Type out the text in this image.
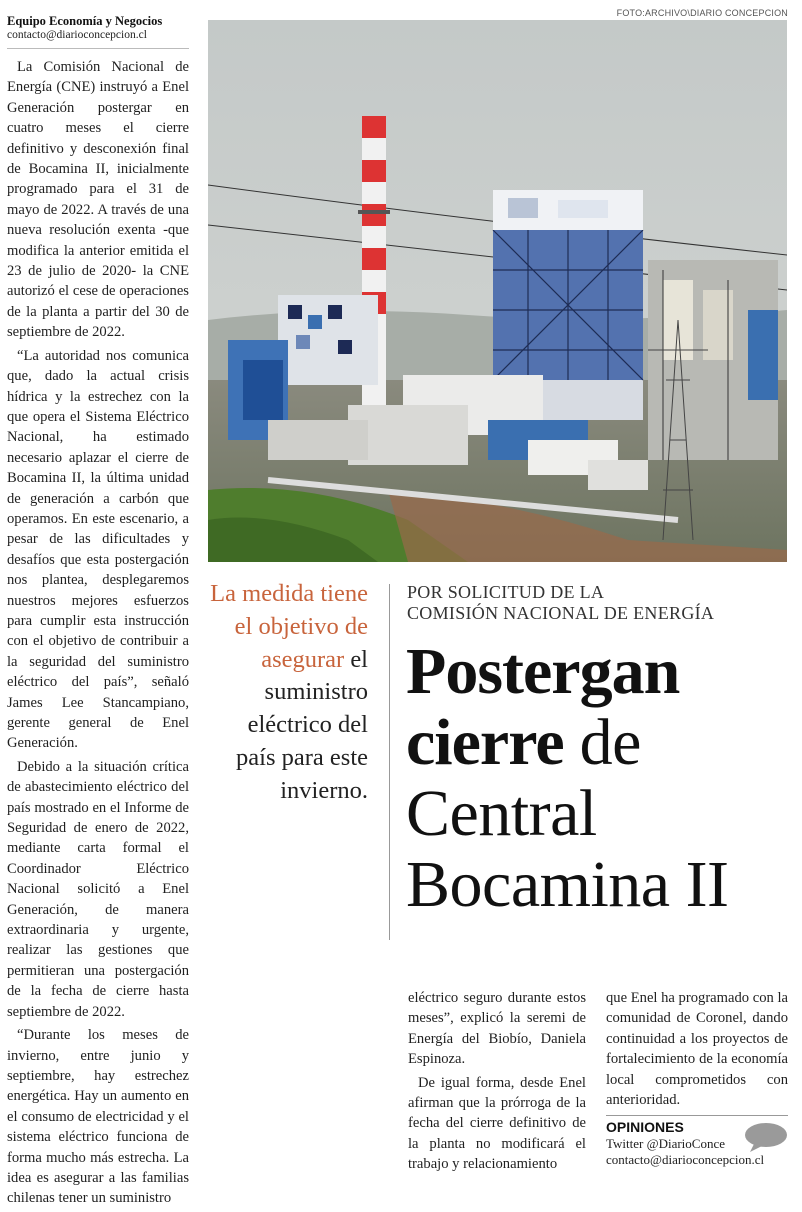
Equipo Economía y Negocios
contacto@diarioconcepcion.cl

La Comisión Nacional de Energía (CNE) instruyó a Enel Generación postergar en cuatro meses el cierre definitivo y desconexión final de Bocamina II, inicialmente programado para el 31 de mayo de 2022. A través de una nueva resolución exenta -que modifica la anterior emitida el 23 de julio de 2020- la CNE autorizó el cese de operaciones de la planta a partir del 30 de septiembre de 2022.

“La autoridad nos comunica que, dado la actual crisis hídrica y la estrechez con la que opera el Sistema Eléctrico Nacional, ha estimado necesario aplazar el cierre de Bocamina II, la última unidad de generación a carbón que operamos. En este escenario, a pesar de las dificultades y desafíos que esta postergación nos plantea, desplegaremos nuestros mejores esfuerzos para cumplir esta instrucción con el objetivo de contribuir a la seguridad del suministro eléctrico del país”, señaló James Lee Stancampiano, gerente general de Enel Generación.

Debido a la situación crítica de abastecimiento eléctrico del país mostrado en el Informe de Seguridad de enero de 2022, mediante carta formal el Coordinador Eléctrico Nacional solicitó a Enel Generación, de manera extraordinaria y urgente, realizar las gestiones que permitieran una postergación de la fecha de cierre hasta septiembre de 2022.

“Durante los meses de invierno, entre junio y septiembre, hay estrechez energética. Hay un aumento en el consumo de electricidad y el sistema eléctrico funciona de forma mucho más estrecha. La idea es asegurar a las familias chilenas tener un suministro

FOTO:ARCHIVO\DIARIO CONCEPCION
La medida tiene el objetivo de asegurar el suministro eléctrico del país para este invierno.
POR SOLICITUD DE LA
COMISIÓN NACIONAL DE ENERGÍA
Postergan
cierre de
Central
Bocamina II

eléctrico seguro durante estos meses”, explicó la seremi de Energía del Biobío, Daniela Espinoza.

De igual forma, desde Enel afirman que la prórroga de la fecha del cierre definitivo de la planta no modificará el trabajo y relacionamiento

que Enel ha programado con la comunidad de Coronel, dando continuidad a los proyectos de fortalecimiento de la economía local comprometidos con anterioridad.

OPINIONES
Twitter @DiarioConce
contacto@diarioconcepcion.cl
